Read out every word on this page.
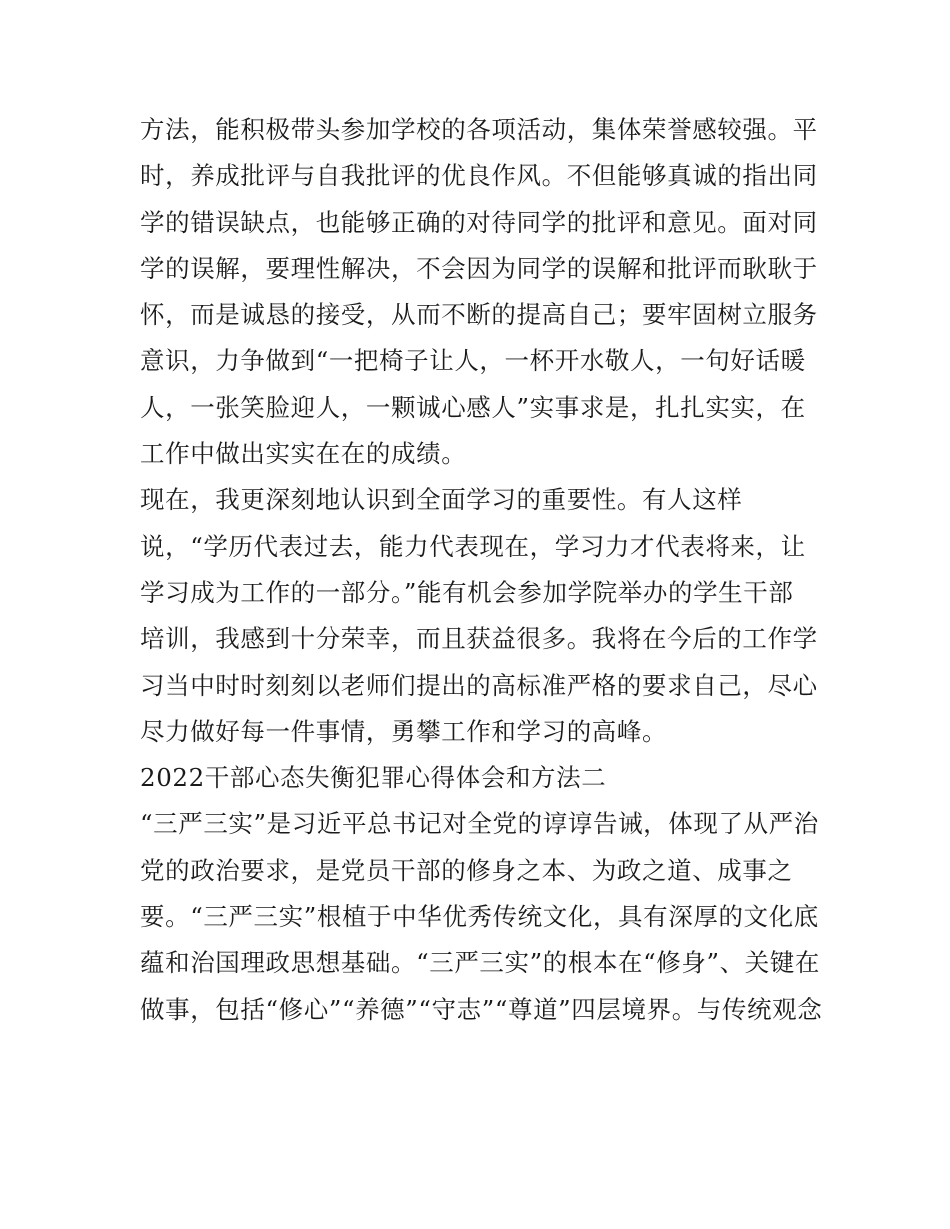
方法，能积极带头参加学校的各项活动，集体荣誉感较强。平
时，养成批评与自我批评的优良作风。不但能够真诚的指出同
学的错误缺点，也能够正确的对待同学的批评和意见。面对同
学的误解，要理性解决，不会因为同学的误解和批评而耿耿于
怀，而是诚恳的接受，从而不断的提高自己；要牢固树立服务
意识，力争做到“一把椅子让人，一杯开水敬人，一句好话暖
人，一张笑脸迎人，一颗诚心感人”实事求是，扎扎实实，在
工作中做出实实在在的成绩。
现在，我更深刻地认识到全面学习的重要性。有人这样
说，“学历代表过去，能力代表现在，学习力才代表将来，让
学习成为工作的一部分。”能有机会参加学院举办的学生干部
培训，我感到十分荣幸，而且获益很多。我将在今后的工作学
习当中时时刻刻以老师们提出的高标准严格的要求自己，尽心
尽力做好每一件事情，勇攀工作和学习的高峰。
2022干部心态失衡犯罪心得体会和方法二
“三严三实”是习近平总书记对全党的谆谆告诫，体现了从严治
党的政治要求，是党员干部的修身之本、为政之道、成事之
要。“三严三实”根植于中华优秀传统文化，具有深厚的文化底
蕴和治国理政思想基础。“三严三实”的根本在“修身”、关键在
做事，包括“修心”“养德”“守志”“尊道”四层境界。与传统观念
